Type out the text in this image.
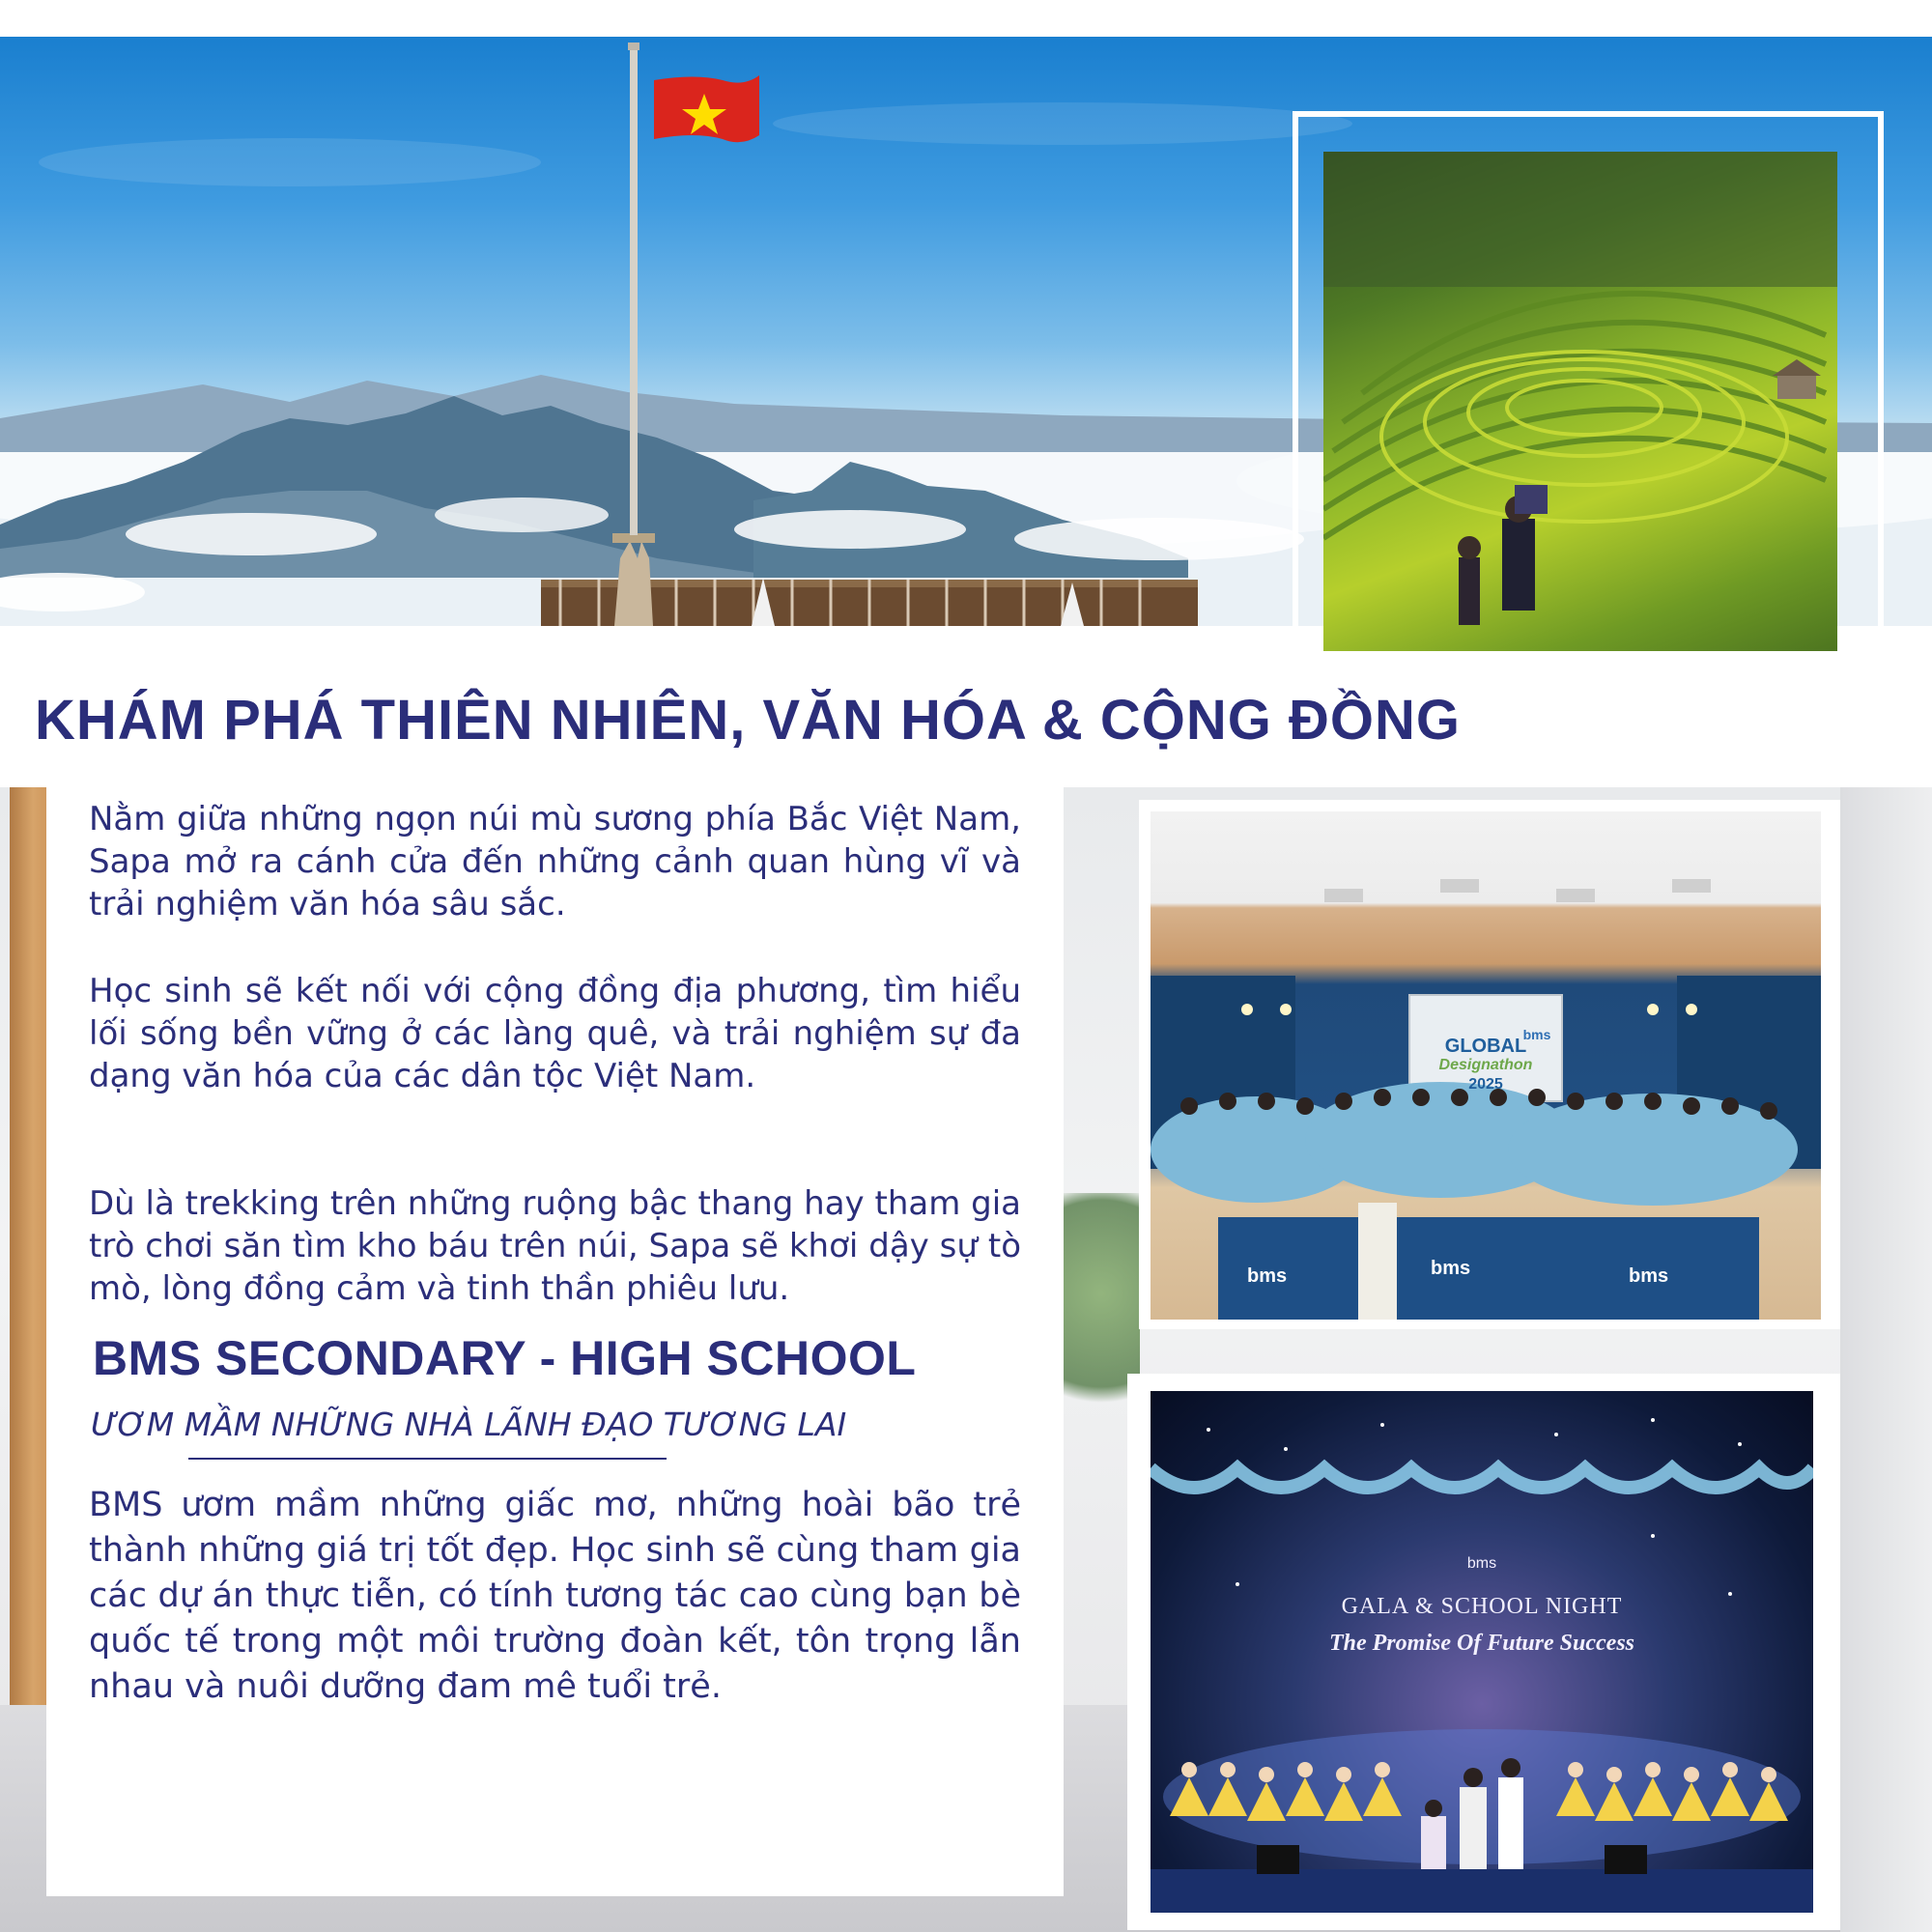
KHÁM PHÁ THIÊN NHIÊN, VĂN HÓA & CỘNG ĐỒNG

Nằm giữa những ngọn núi mù sương phía Bắc Việt Nam, Sapa mở ra cánh cửa đến những cảnh quan hùng vĩ và trải nghiệm văn hóa sâu sắc.

Học sinh sẽ kết nối với cộng đồng địa phương, tìm hiểu lối sống bền vững ở các làng quê, và trải nghiệm sự đa dạng văn hóa của các dân tộc Việt Nam.

Dù là trekking trên những ruộng bậc thang hay tham gia trò chơi săn tìm kho báu trên núi, Sapa sẽ khơi dậy sự tò mò, lòng đồng cảm và tinh thần phiêu lưu.

BMS SECONDARY - HIGH SCHOOL
ƯƠM MẦM NHỮNG NHÀ LÃNH ĐẠO TƯƠNG LAI

BMS ươm mầm những giấc mơ, những hoài bão trẻ thành những giá trị tốt đẹp. Học sinh sẽ cùng tham gia các dự án thực tiễn, có tính tương tác cao cùng bạn bè quốc tế trong một môi trường đoàn kết, tôn trọng lẫn nhau và nuôi dưỡng đam mê tuổi trẻ.

bms
GLOBAL
Designathon
2025
bms	bms	bms
bms
GALA & SCHOOL NIGHT
The Promise Of Future Success
